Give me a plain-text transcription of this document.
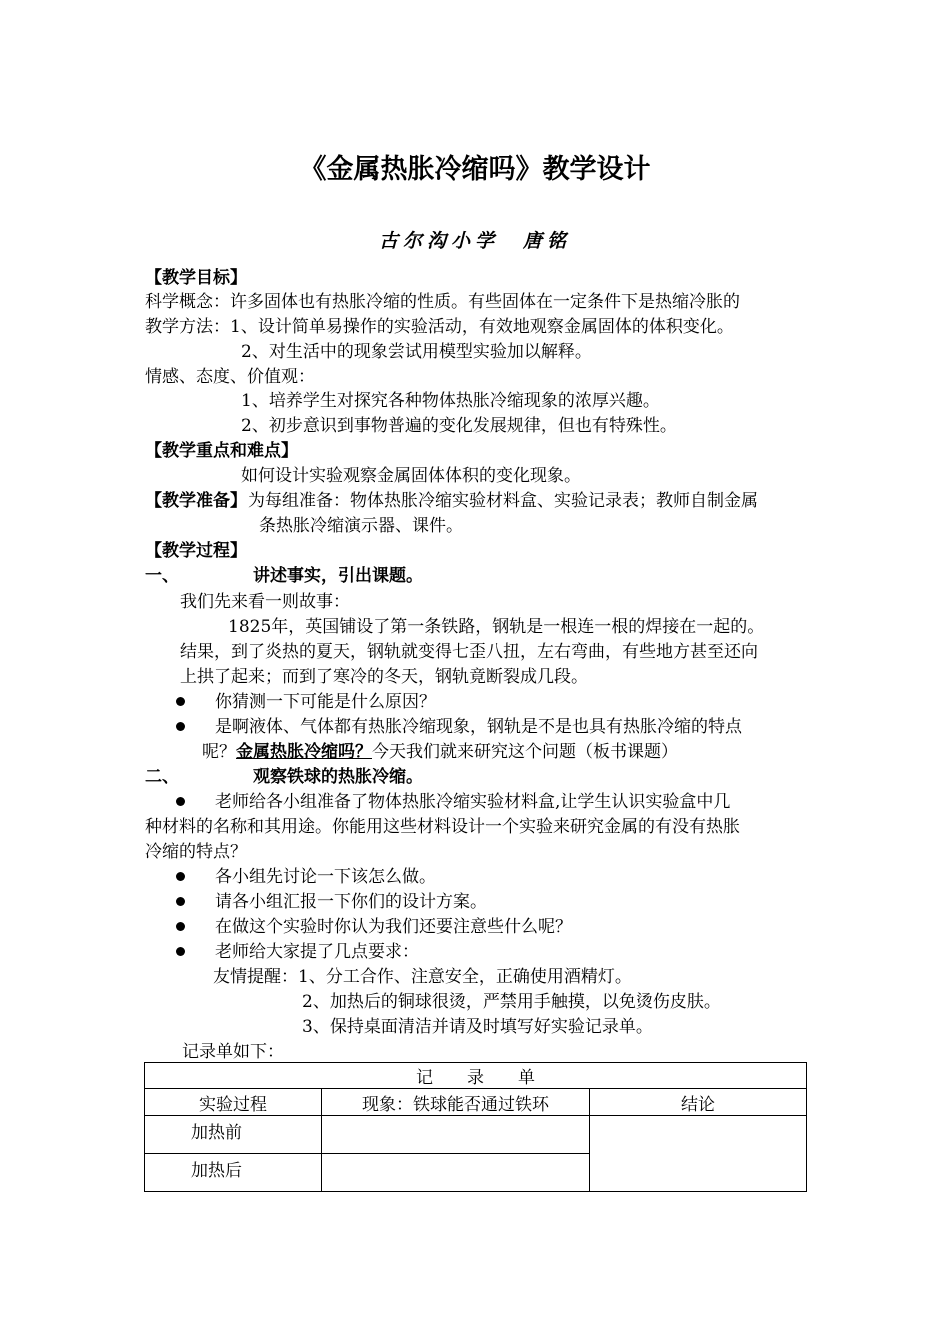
《金属热胀冷缩吗》教学设计
古尔沟小学　唐铭
【教学目标】
科学概念：许多固体也有热胀冷缩的性质。有些固体在一定条件下是热缩冷胀的
教学方法：1、设计简单易操作的实验活动，有效地观察金属固体的体积变化。
2、对生活中的现象尝试用模型实验加以解释。
情感、态度、价值观：
1、培养学生对探究各种物体热胀冷缩现象的浓厚兴趣。
2、初步意识到事物普遍的变化发展规律，但也有特殊性。
【教学重点和难点】
如何设计实验观察金属固体体积的变化现象。
【教学准备】 为每组准备：物体热胀冷缩实验材料盒、实验记录表；教师自制金属
条热胀冷缩演示器、课件。
【教学过程】
一、	讲述事实，引出课题。
我们先来看一则故事：
1825年，英国铺设了第一条铁路，钢轨是一根连一根的焊接在一起的。
结果，到了炎热的夏天，钢轨就变得七歪八扭，左右弯曲，有些地方甚至还向
上拱了起来；而到了寒冷的冬天，钢轨竟断裂成几段。
你猜测一下可能是什么原因？
是啊液体、气体都有热胀冷缩现象，钢轨是不是也具有热胀冷缩的特点
呢？金属热胀冷缩吗？今天我们就来研究这个问题（板书课题）
二、	观察铁球的热胀冷缩。
老师给各小组准备了物体热胀冷缩实验材料盒,让学生认识实验盒中几
种材料的名称和其用途。你能用这些材料设计一个实验来研究金属的有没有热胀
冷缩的特点？
各小组先讨论一下该怎么做。
请各小组汇报一下你们的设计方案。
在做这个实验时你认为我们还要注意些什么呢？
老师给大家提了几点要求：
友情提醒：1、分工合作、注意安全，正确使用酒精灯。
2、加热后的铜球很烫，严禁用手触摸，以免烫伤皮肤。
3、保持桌面清洁并请及时填写好实验记录单。
记录单如下：
记　　录　　单		
实验过程	现象：铁球能否通过铁环	结论
加热前		
加热后		
